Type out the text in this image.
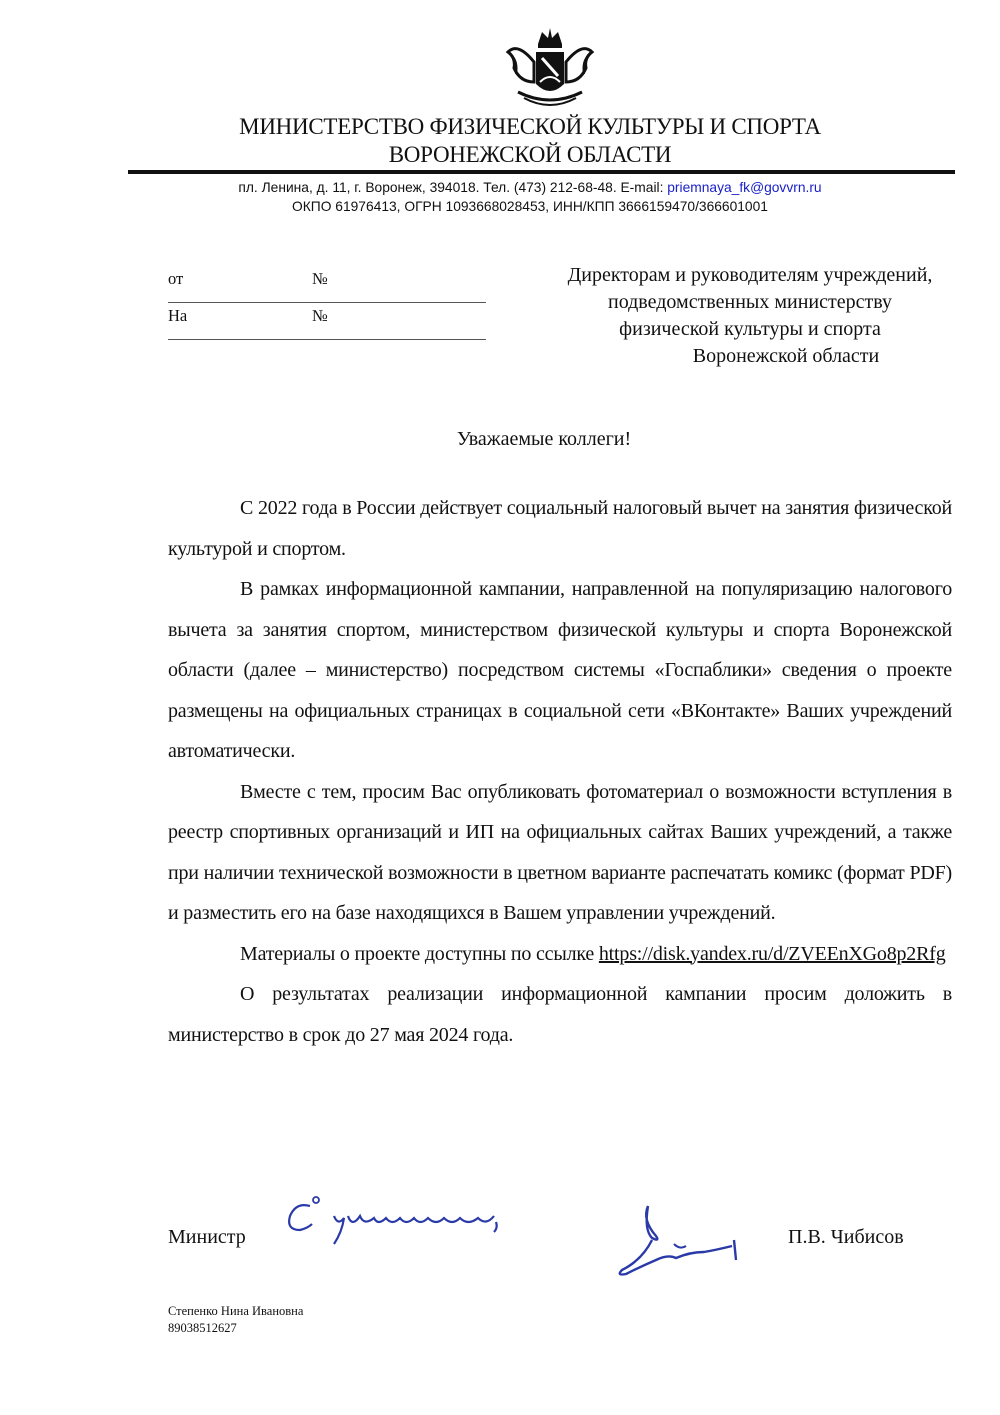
МИНИСТЕРСТВО ФИЗИЧЕСКОЙ КУЛЬТУРЫ И СПОРТА
ВОРОНЕЖСКОЙ ОБЛАСТИ
пл. Ленина, д. 11, г. Воронеж, 394018. Тел. (473) 212-68-48. E-mail: priemnaya_fk@govvrn.ru
ОКПО 61976413, ОГРН 1093668028453, ИНН/КПП 3666159470/366601001
от	№
На	№
Директорам и руководителям учреждений,
подведомственных министерству
физической культуры и спорта
Воронежской области
Уважаемые коллеги!

С 2022 года в России действует социальный налоговый вычет на занятия физической культурой и спортом.

В рамках информационной кампании, направленной на популяризацию налогового вычета за занятия спортом, министерством физической культуры и спорта Воронежской области (далее – министерство) посредством системы «Госпаблики» сведения о проекте размещены на официальных страницах в социальной сети «ВКонтакте» Ваших учреждений автоматически.

Вместе с тем, просим Вас опубликовать фотоматериал о возможности вступления в реестр спортивных организаций и ИП на официальных сайтах Ваших учреждений, а также при наличии технической возможности в цветном варианте распечатать комикс (формат PDF) и разместить его на базе находящихся в Вашем управлении учреждений.

Материалы о проекте доступны по ссылке https://disk.yandex.ru/d/ZVEEnXGo8p2Rfg

О результатах реализации информационной кампании просим доложить в министерство в срок до 27 мая 2024 года.

Министр	П.В. Чибисов
Степенко Нина Ивановна
89038512627
